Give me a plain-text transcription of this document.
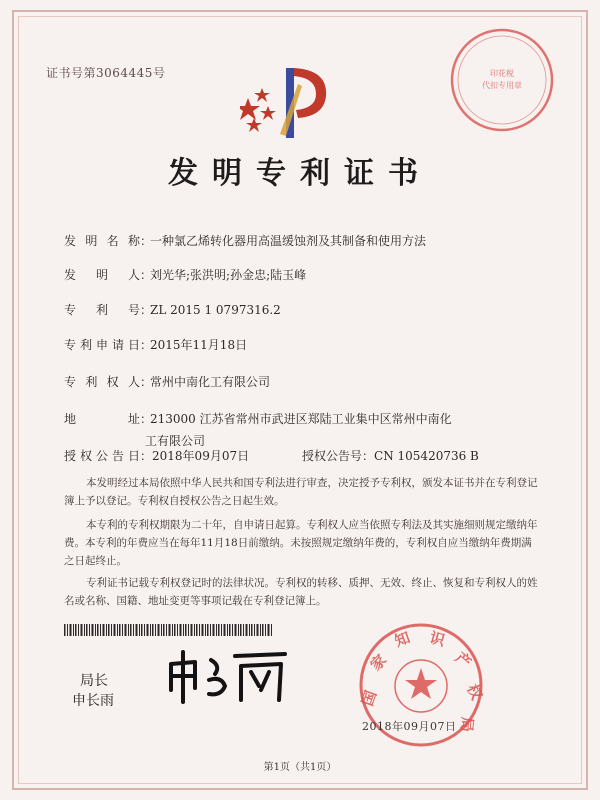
证书号第3064445号	印花税
代扣专用章
发明专利证书
发明名称：一种氯乙烯转化器用高温缓蚀剂及其制备和使用方法
发明人：刘光华;张洪明;孙金忠;陆玉峰
专利号：ZL 2015 1 0797316.2
专利申请日：2015年11月18日
专利权人：常州中南化工有限公司
地址：213000 江苏省常州市武进区郑陆工业集中区常州中南化
工有限公司
授权公告日：2018年09月07日	授权公告号：CN 105420736 B
本发明经过本局依照中华人民共和国专利法进行审查，决定授予专利权，颁发本证书并在专利登记簿上予以登记。专利权自授权公告之日起生效。
本专利的专利权期限为二十年，自申请日起算。专利权人应当依照专利法及其实施细则规定缴纳年费。本专利的年费应当在每年11月18日前缴纳。未按照规定缴纳年费的，专利权自应当缴纳年费期满之日起终止。
专利证书记载专利权登记时的法律状况。专利权的转移、质押、无效、终止、恢复和专利权人的姓名或名称、国籍、地址变更等事项记载在专利登记簿上。
局长
申长雨	国
家
知 识
产
权
局
2018年09月07日
第1页（共1页）
